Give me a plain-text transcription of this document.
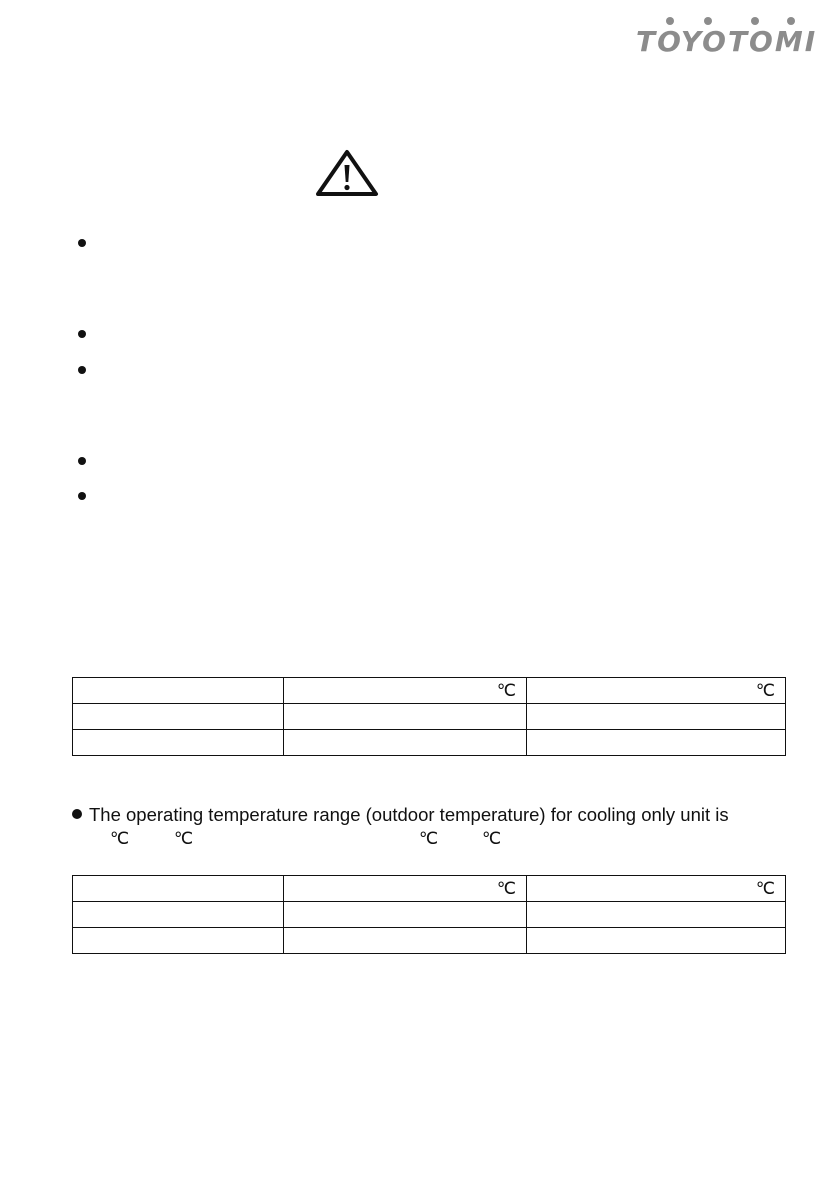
TOYOTOMI
	℃	℃

The operating temperature range (outdoor temperature) for cooling only unit is
℃	℃	℃	℃
	℃	℃
